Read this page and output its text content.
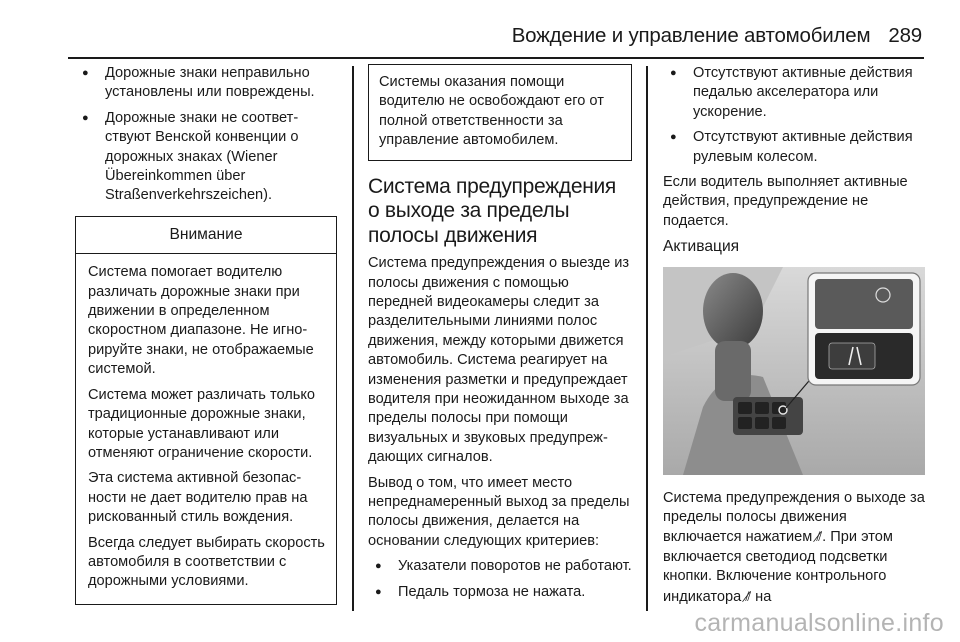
Вождение и управление автомобилем 289
● Дорожные знаки неправильно установлены или повреждены.
● Дорожные знаки не соответствуют Венской конвенции о дорожных знаках (Wiener Übereinkommen über Straßenverkehrszeichen).
Внимание

Система помогает водителю различать дорожные знаки при движении в определенном скоростном диапазоне. Не игнорируйте знаки, не отображаемые системой.

Система может различать только традиционные дорожные знаки, которые устанавливают или отменяют ограничение скорости.

Эта система активной безопасности не дает водителю прав на рискованный стиль вождения.

Всегда следует выбирать скорость автомобиля в соответствии с дорожными условиями.

Системы оказания помощи водителю не освобождают его от полной ответственности за управление автомобилем.
Система предупреждения о выходе за пределы полосы движения

Система предупреждения о выезде из полосы движения с помощью передней видеокамеры следит за разделительными линиями полос движения, между которыми движется автомобиль. Система реагирует на изменения разметки и предупреждает водителя при неожиданном выходе за пределы полосы при помощи визуальных и звуковых предупреждающих сигналов.

Вывод о том, что имеет место непреднамеренный выход за пределы полосы движения, делается на основании следующих критериев:

● Указатели поворотов не работают.
● Педаль тормоза не нажата.
● Отсутствуют активные действия педалью акселератора или ускорение.
● Отсутствуют активные действия рулевым колесом.

Если водитель выполняет активные действия, предупреждение не подается.

Активация

Система предупреждения о выходе за пределы полосы движения включается нажатием ⫽̸. При этом включается светодиод подсветки кнопки. Включение контрольного индикатора ⫽̸ на

carmanualsonline.info
